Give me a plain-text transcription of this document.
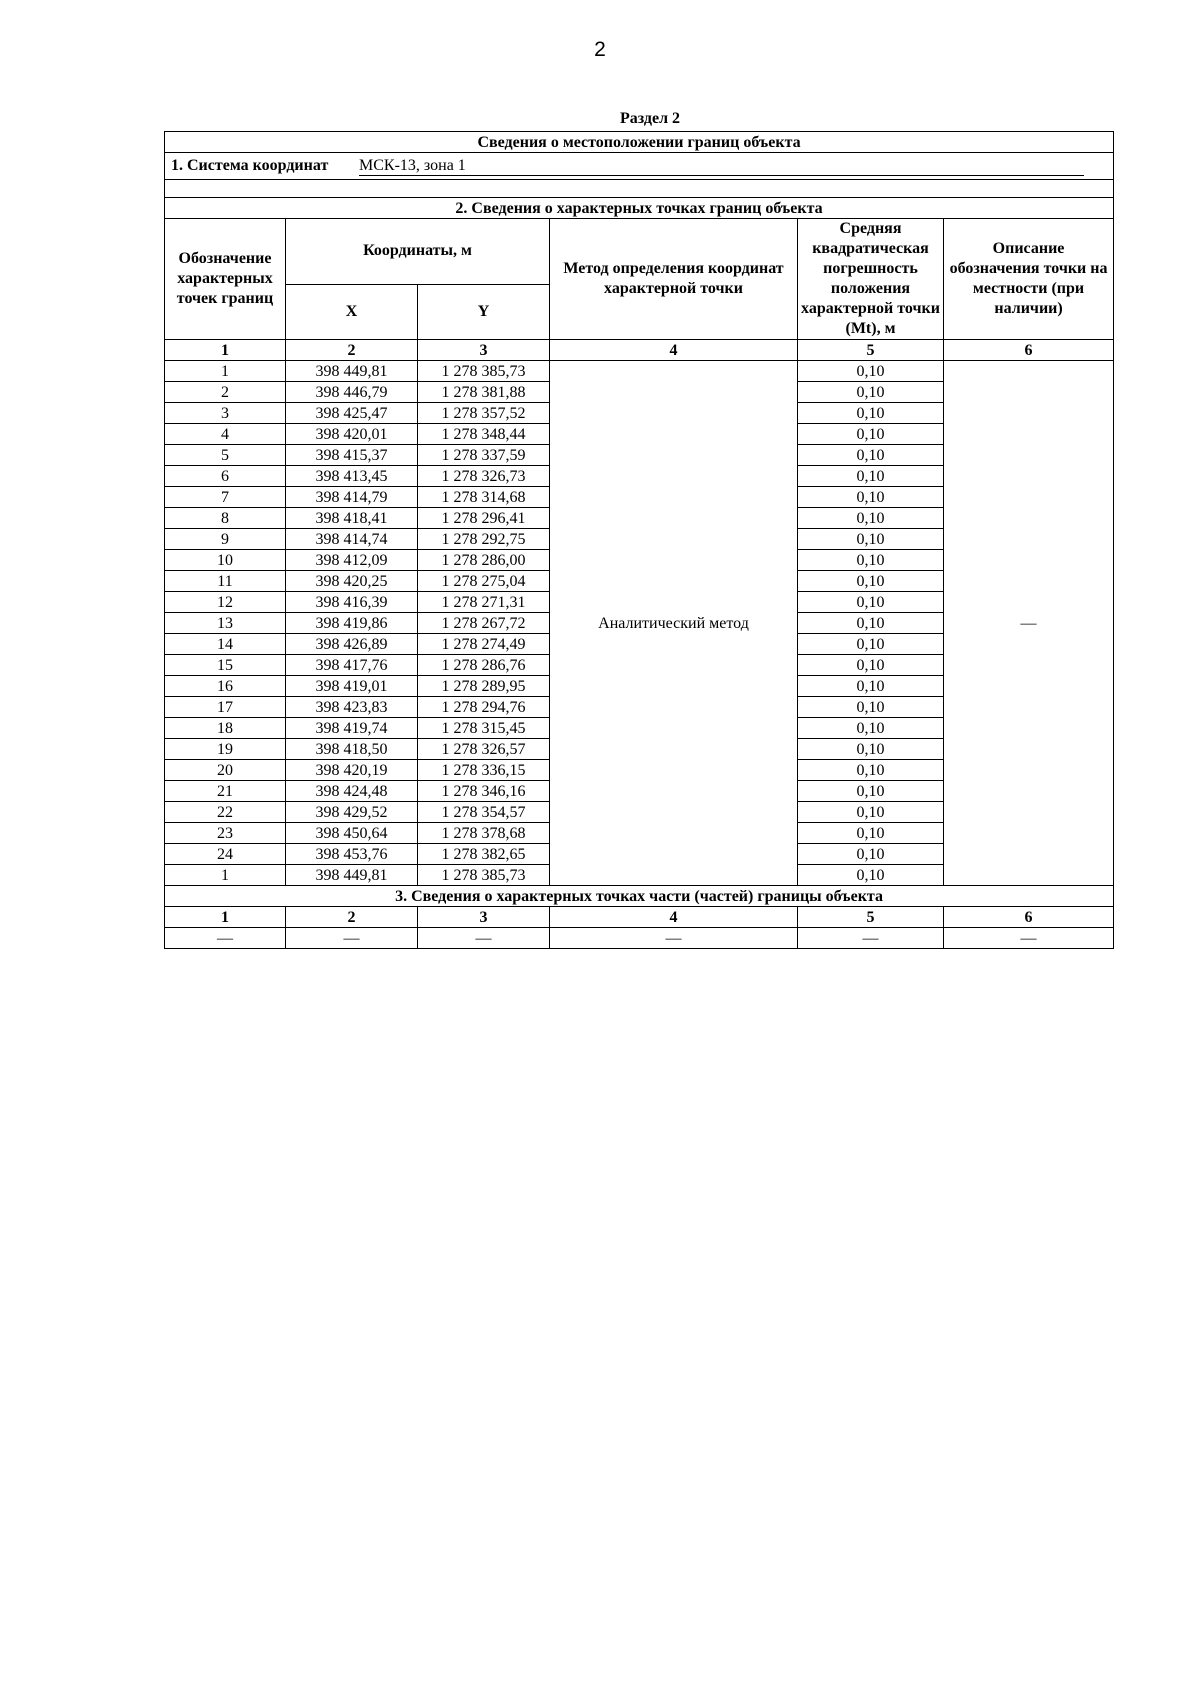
2
Раздел 2
Сведения о местоположении границ объекта					
1. Система координат МСК-13, зона 1					

2. Сведения о характерных точках границ объекта					
Обозначение характерных точек границ	Координаты, м		Метод определения координат характерной точки	Средняя квадратическая погрешность положения характерной точки (Mt), м	Описание обозначения точки на местности (при наличии)
	X	Y			
1	2	3	4	5	6
1	398 449,81	1 278 385,73	Аналитический метод	0,10	—
2	398 446,79	1 278 381,88		0,10	
3	398 425,47	1 278 357,52		0,10	
4	398 420,01	1 278 348,44		0,10	
5	398 415,37	1 278 337,59		0,10	
6	398 413,45	1 278 326,73		0,10	
7	398 414,79	1 278 314,68		0,10	
8	398 418,41	1 278 296,41		0,10	
9	398 414,74	1 278 292,75		0,10	
10	398 412,09	1 278 286,00		0,10	
11	398 420,25	1 278 275,04		0,10	
12	398 416,39	1 278 271,31		0,10	
13	398 419,86	1 278 267,72		0,10	
14	398 426,89	1 278 274,49		0,10	
15	398 417,76	1 278 286,76		0,10	
16	398 419,01	1 278 289,95		0,10	
17	398 423,83	1 278 294,76		0,10	
18	398 419,74	1 278 315,45		0,10	
19	398 418,50	1 278 326,57		0,10	
20	398 420,19	1 278 336,15		0,10	
21	398 424,48	1 278 346,16		0,10	
22	398 429,52	1 278 354,57		0,10	
23	398 450,64	1 278 378,68		0,10	
24	398 453,76	1 278 382,65		0,10	
1	398 449,81	1 278 385,73		0,10	
3. Сведения о характерных точках части (частей) границы объекта					
1	2	3	4	5	6
—	—	—	—	—	—
